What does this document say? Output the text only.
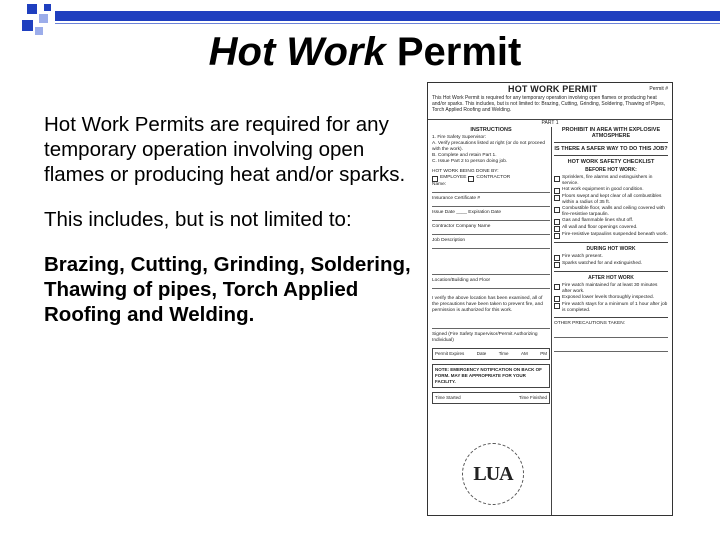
Hot Work Permit

Hot Work Permits are required for any temporary operation involving open flames or producing heat and/or sparks.

This includes, but is not limited to:

Brazing, Cutting, Grinding, Soldering, Thawing of pipes, Torch Applied Roofing and Welding.

HOT WORK PERMIT	Permit #
This Hot Work Permit is required for any temporary operation involving open flames or producing heat and/or sparks. This includes, but is not limited to: Brazing, Cutting, Grinding, Soldering, Thawing of Pipes, Torch Applied Roofing and Welding.
PART 1
INSTRUCTIONS
1. Fire Safety Supervisor:
A. Verify precautions listed at right (or do not proceed with the work).
B. Complete and retain Part 1.
C. Issue Part 2 to person doing job.
HOT WORK BEING DONE BY:
EMPLOYEE CONTRACTOR
Name:
Insurance Certificate #
Issue Date ____ Expiration Date
Contractor Company Name
Job Description
Location/Building and Floor
I verify the above location has been examined, all of the precautions have been taken to prevent fire, and permission is authorized for this work.
Signed (Fire Safety Supervisor/Permit Authorizing Individual)
Permit Expires	Date	Time	AM	PM
NOTE: EMERGENCY NOTIFICATION ON BACK OF FORM. MAY BE APPROPRIATE FOR YOUR FACILITY.
Time Started	Time Finished
PROHIBIT IN AREA WITH EXPLOSIVE ATMOSPHERE
IS THERE A SAFER WAY TO DO THIS JOB?
HOT WORK SAFETY CHECKLIST
BEFORE HOT WORK:
Sprinklers, fire alarms and extinguishers in service.
Hot work equipment in good condition.
Floors swept and kept clear of all combustibles within a radius of 35 ft.
Combustible floor, walls and ceiling covered with fire-resistive tarpaulin.
Gas and flammable lines shut off.
All wall and floor openings covered.
Fire-resistive tarpaulins suspended beneath work.
DURING HOT WORK
Fire watch present.
Sparks watched for and extinguished.
AFTER HOT WORK
Fire watch maintained for at least 30 minutes after work.
Exposed lower levels thoroughly inspected.
Fire watch stays for a minimum of 1 hour after job is completed.
OTHER PRECAUTIONS TAKEN:
LUA
